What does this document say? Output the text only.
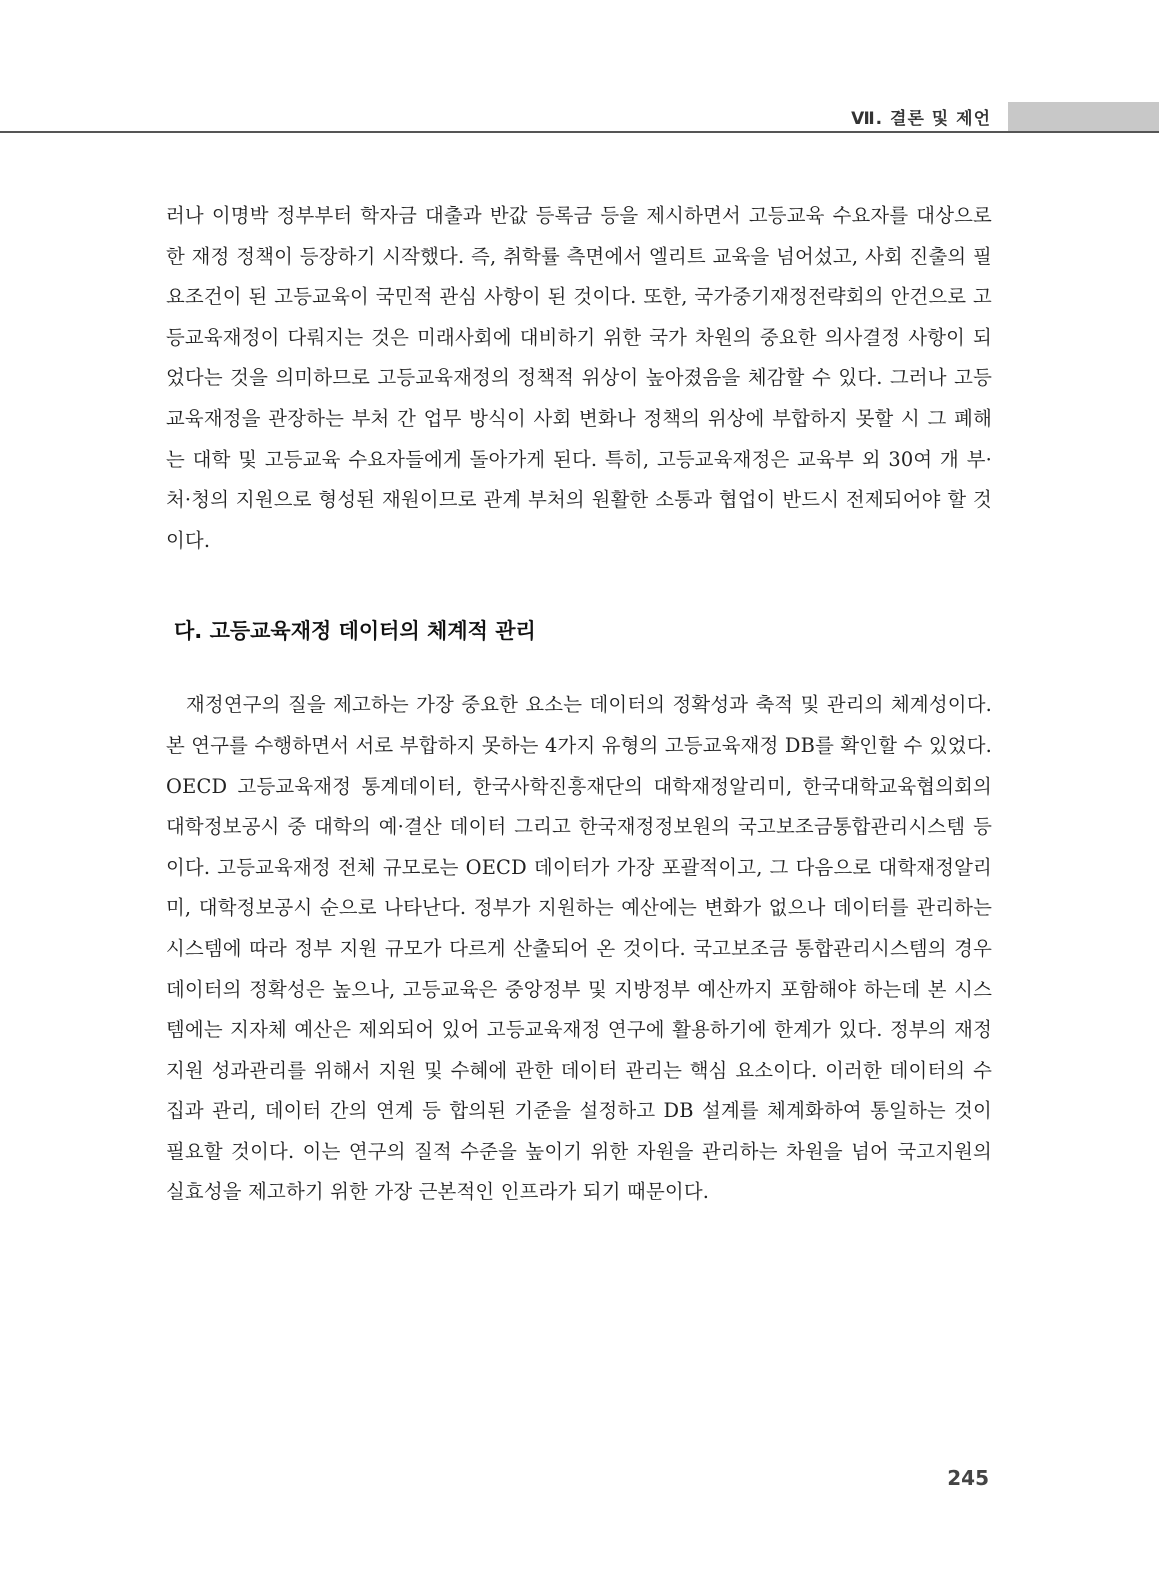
Ⅶ. 결론 및 제언

러나 이명박 정부부터 학자금 대출과 반값 등록금 등을 제시하면서 고등교육 수요자를 대상으로 한 재정 정책이 등장하기 시작했다. 즉, 취학률 측면에서 엘리트 교육을 넘어섰고, 사회 진출의 필요조건이 된 고등교육이 국민적 관심 사항이 된 것이다. 또한, 국가중기재정전략회의 안건으로 고등교육재정이 다뤄지는 것은 미래사회에 대비하기 위한 국가 차원의 중요한 의사결정 사항이 되었다는 것을 의미하므로 고등교육재정의 정책적 위상이 높아졌음을 체감할 수 있다. 그러나 고등교육재정을 관장하는 부처 간 업무 방식이 사회 변화나 정책의 위상에 부합하지 못할 시 그 폐해는 대학 및 고등교육 수요자들에게 돌아가게 된다. 특히, 고등교육재정은 교육부 외 30여 개 부·처·청의 지원으로 형성된 재원이므로 관계 부처의 원활한 소통과 협업이 반드시 전제되어야 할 것이다.

다. 고등교육재정 데이터의 체계적 관리

재정연구의 질을 제고하는 가장 중요한 요소는 데이터의 정확성과 축적 및 관리의 체계성이다. 본 연구를 수행하면서 서로 부합하지 못하는 4가지 유형의 고등교육재정 DB를 확인할 수 있었다. OECD 고등교육재정 통계데이터, 한국사학진흥재단의 대학재정알리미, 한국대학교육협의회의 대학정보공시 중 대학의 예·결산 데이터 그리고 한국재정정보원의 국고보조금통합관리시스템 등이다. 고등교육재정 전체 규모로는 OECD 데이터가 가장 포괄적이고, 그 다음으로 대학재정알리미, 대학정보공시 순으로 나타난다. 정부가 지원하는 예산에는 변화가 없으나 데이터를 관리하는 시스템에 따라 정부 지원 규모가 다르게 산출되어 온 것이다. 국고보조금 통합관리시스템의 경우 데이터의 정확성은 높으나, 고등교육은 중앙정부 및 지방정부 예산까지 포함해야 하는데 본 시스템에는 지자체 예산은 제외되어 있어 고등교육재정 연구에 활용하기에 한계가 있다. 정부의 재정지원 성과관리를 위해서 지원 및 수혜에 관한 데이터 관리는 핵심 요소이다. 이러한 데이터의 수집과 관리, 데이터 간의 연계 등 합의된 기준을 설정하고 DB 설계를 체계화하여 통일하는 것이 필요할 것이다. 이는 연구의 질적 수준을 높이기 위한 자원을 관리하는 차원을 넘어 국고지원의 실효성을 제고하기 위한 가장 근본적인 인프라가 되기 때문이다.

245
